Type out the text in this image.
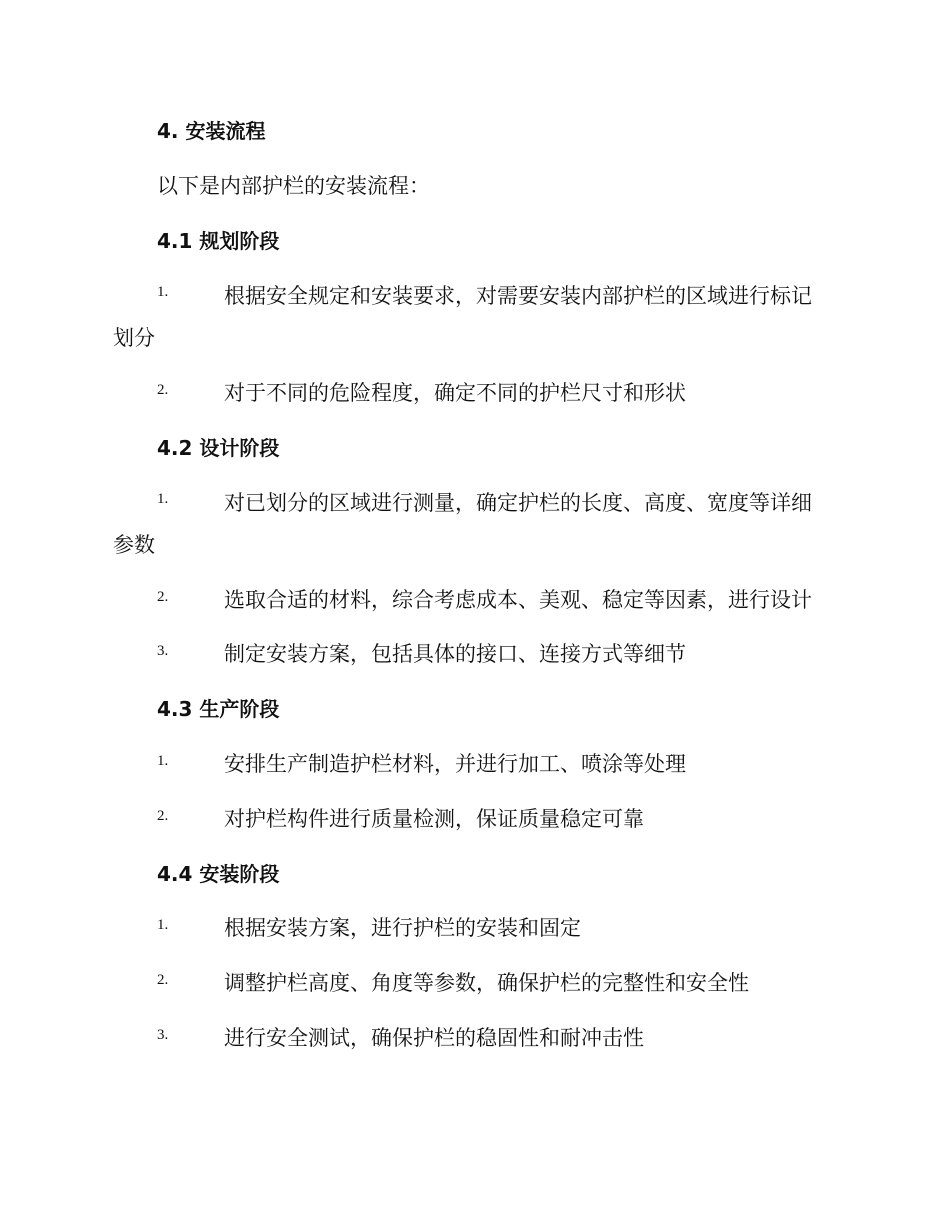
4. 安装流程
以下是内部护栏的安装流程：
4.1 规划阶段
1.	根据安全规定和安装要求，对需要安装内部护栏的区域进行标记
划分
2.	对于不同的危险程度，确定不同的护栏尺寸和形状
4.2 设计阶段
1.	对已划分的区域进行测量，确定护栏的长度、高度、宽度等详细
参数
2.	选取合适的材料，综合考虑成本、美观、稳定等因素，进行设计
3.	制定安装方案，包括具体的接口、连接方式等细节
4.3 生产阶段
1.	安排生产制造护栏材料，并进行加工、喷涂等处理
2.	对护栏构件进行质量检测，保证质量稳定可靠
4.4 安装阶段
1.	根据安装方案，进行护栏的安装和固定
2.	调整护栏高度、角度等参数，确保护栏的完整性和安全性
3.	进行安全测试，确保护栏的稳固性和耐冲击性
